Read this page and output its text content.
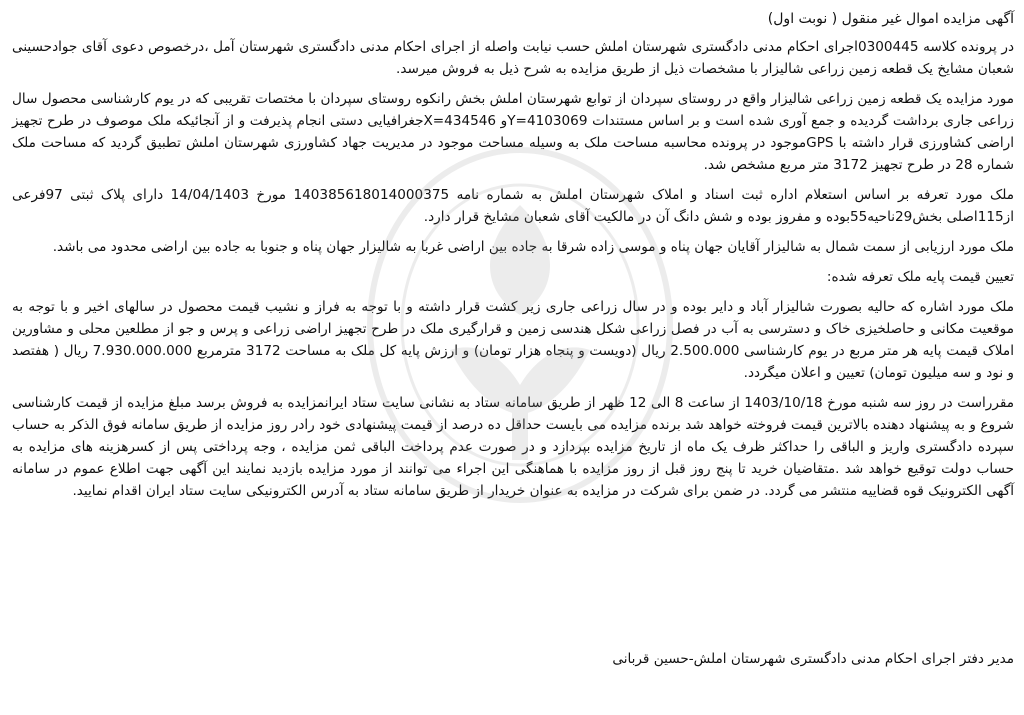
آگهی مزایده اموال غیر منقول ( نوبت اول)

در پرونده کلاسه 0300445اجرای احکام مدنی دادگستری شهرستان املش حسب نیابت واصله از اجرای احکام مدنی دادگستری شهرستان آمل ،درخصوص دعوی آقای جوادحسینی شعبان مشایخ یک قطعه زمین زراعی شالیزار با مشخصات ذیل از طریق مزایده به شرح ذیل به فروش میرسد.

مورد مزایده یک قطعه زمین زراعی شالیزار واقع در روستای سپردان از توابع شهرستان املش بخش رانکوه روستای سپردان با مختصات تقریبی که در یوم کارشناسی محصول سال زراعی جاری برداشت گردیده و جمع آوری شده است و بر اساس مستندات Y=4103069و X=434546جغرافیایی دستی انجام پذیرفت و از آنجائیکه ملک موصوف در طرح تجهیز اراضی کشاورزی قرار داشته با GPSموجود در پرونده محاسبه مساحت ملک به وسیله مساحت موجود در مدیریت جهاد کشاورزی شهرستان املش تطبیق گردید که مساحت ملک شماره 28 در طرح تجهیز 3172 متر مربع مشخص شد.

ملک مورد تعرفه بر اساس استعلام اداره ثبت اسناد و املاک شهرستان املش به شماره نامه 140385618014000375 مورخ 14/04/1403 دارای پلاک ثبتی 97فرعی از115اصلی بخش29ناحیه55بوده و مفروز بوده و شش دانگ آن در مالکیت آقای شعبان مشایخ قرار دارد.

ملک مورد ارزیابی از سمت شمال به شالیزار آقایان جهان پناه و موسی زاده شرقا به جاده بین اراضی غربا به شالیزار جهان پناه و جنوبا به جاده بین اراضی محدود می باشد.

تعیین قیمت پایه ملک تعرفه شده:

ملک مورد اشاره که حالیه بصورت شالیزار آباد و دایر بوده و در سال زراعی جاری زیر کشت قرار داشته و با توجه به فراز و نشیب قیمت محصول در سالهای اخیر و با توجه به موقعیت مکانی و حاصلخیزی خاک و دسترسی به آب در فصل زراعی شکل هندسی زمین و قرارگیری ملک در طرح تجهیز اراضی زراعی و پرس و جو از مطلعین محلی و مشاورین املاک قیمت پایه هر متر مربع در یوم کارشناسی 2.500.000 ریال (دویست و پنجاه هزار تومان) و ارزش پایه کل ملک به مساحت 3172 مترمربع 7.930.000.000 ریال ( هفتصد و نود و سه میلیون تومان) تعیین و اعلان میگردد.

مقرراست در روز سه شنبه مورخ 1403/10/18 از ساعت 8 الی 12 ظهر از طریق سامانه ستاد به نشانی سایت ستاد ایرانمزایده به فروش برسد مبلغ مزایده از قیمت کارشناسی شروع و به پیشنهاد دهنده بالاترین قیمت فروخته خواهد شد برنده مزایده می بایست حداقل ده درصد از قیمت پیشنهادی خود رادر روز مزایده از طریق سامانه فوق الذکر به حساب سپرده دادگستری واریز و الباقی را حداکثر ظرف یک ماه از تاریخ مزایده بپردازد و در صورت عدم پرداخت الباقی ثمن مزایده ، وجه پرداختی پس از کسرهزینه های مزایده به حساب دولت توقیع خواهد شد .متقاضیان خرید تا پنج روز قبل از روز مزایده با هماهنگی این اجراء می توانند از مورد مزایده بازدید نمایند این آگهی جهت اطلاع عموم در سامانه آگهی الکترونیک قوه قضاییه منتشر می گردد. در ضمن برای شرکت در مزایده به عنوان خریدار از طریق سامانه ستاد به آدرس الکترونیکی سایت ستاد ایران اقدام نمایید.

مدیر دفتر اجرای احکام مدنی دادگستری شهرستان املش-حسین قربانی
